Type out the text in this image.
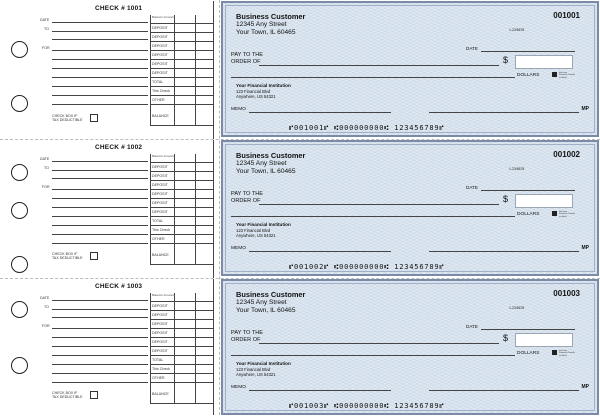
CHECK # 1001
DATE
TO
FOR
CHECK BOX IF
TAX DEDUCTIBLE
Balance Forward
DEPOSIT
DEPOSIT
DEPOSIT
DEPOSIT
DEPOSIT
DEPOSIT
TOTAL
This Check
OTHER
BALANCE
Business Customer
12345 Any Street
Your Town, IL 60465
001001
1-23/5678
DATE
PAY TO THE
ORDER OF	$
DOLLARS	Security Features Details on Back
Your Financial Institution
123 Financial Blvd
Anywhere, US 54321
MEMO	MP
⑈001001⑈ ⑆000000000⑆ 123456789⑈
CHECK # 1002
DATE
TO
FOR
CHECK BOX IF
TAX DEDUCTIBLE
Balance Forward
DEPOSIT
DEPOSIT
DEPOSIT
DEPOSIT
DEPOSIT
DEPOSIT
TOTAL
This Check
OTHER
BALANCE
Business Customer
12345 Any Street
Your Town, IL 60465
001002
1-23/5678
DATE
PAY TO THE
ORDER OF	$
DOLLARS	Security Features Details on Back
Your Financial Institution
123 Financial Blvd
Anywhere, US 54321
MEMO	MP
⑈001002⑈ ⑆000000000⑆ 123456789⑈
CHECK # 1003
DATE
TO
FOR
CHECK BOX IF
TAX DEDUCTIBLE
Balance Forward
DEPOSIT
DEPOSIT
DEPOSIT
DEPOSIT
DEPOSIT
DEPOSIT
TOTAL
This Check
OTHER
BALANCE
Business Customer
12345 Any Street
Your Town, IL 60465
001003
1-23/5678
DATE
PAY TO THE
ORDER OF	$
DOLLARS	Security Features Details on Back
Your Financial Institution
123 Financial Blvd
Anywhere, US 54321
MEMO	MP
⑈001003⑈ ⑆000000000⑆ 123456789⑈
